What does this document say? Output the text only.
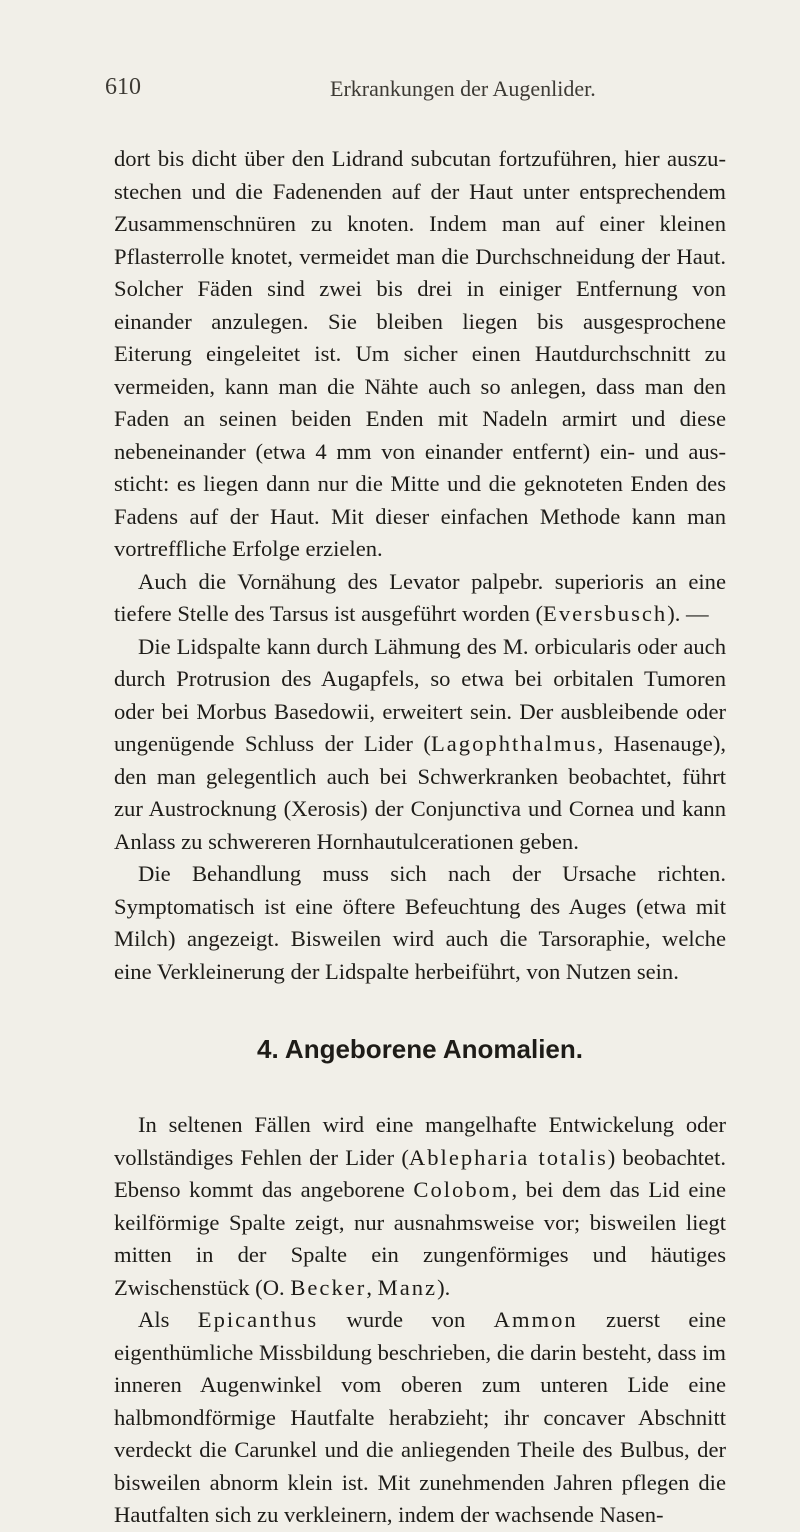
610	Erkrankungen der Augenlider.

dort bis dicht über den Lidrand subcutan fortzuführen, hier auszustechen und die Fadenenden auf der Haut unter entsprechendem Zusammenschnüren zu knoten. Indem man auf einer kleinen Pflasterrolle knotet, vermeidet man die Durchschneidung der Haut. Solcher Fäden sind zwei bis drei in einiger Entfernung von einander anzulegen. Sie bleiben liegen bis ausgesprochene Eiterung eingeleitet ist. Um sicher einen Hautdurchschnitt zu vermeiden, kann man die Nähte auch so anlegen, dass man den Faden an seinen beiden Enden mit Nadeln armirt und diese nebeneinander (etwa 4 mm von einander entfernt) ein- und aussticht: es liegen dann nur die Mitte und die geknoteten Enden des Fadens auf der Haut. Mit dieser einfachen Methode kann man vortreffliche Erfolge erzielen.

Auch die Vornähung des Levator palpebr. superioris an eine tiefere Stelle des Tarsus ist ausgeführt worden (Eversbusch). —

Die Lidspalte kann durch Lähmung des M. orbicularis oder auch durch Protrusion des Augapfels, so etwa bei orbitalen Tumoren oder bei Morbus Basedowii, erweitert sein. Der ausbleibende oder ungenügende Schluss der Lider (Lagophthalmus, Hasenauge), den man gelegentlich auch bei Schwerkranken beobachtet, führt zur Austrocknung (Xerosis) der Conjunctiva und Cornea und kann Anlass zu schwereren Hornhautulcerationen geben.

Die Behandlung muss sich nach der Ursache richten. Symptomatisch ist eine öftere Befeuchtung des Auges (etwa mit Milch) angezeigt. Bisweilen wird auch die Tarsoraphie, welche eine Verkleinerung der Lidspalte herbeiführt, von Nutzen sein.

4. Angeborene Anomalien.

In seltenen Fällen wird eine mangelhafte Entwickelung oder vollständiges Fehlen der Lider (Ablepharia totalis) beobachtet. Ebenso kommt das angeborene Colobom, bei dem das Lid eine keilförmige Spalte zeigt, nur ausnahmsweise vor; bisweilen liegt mitten in der Spalte ein zungenförmiges und häutiges Zwischenstück (O. Becker, Manz).

Als Epicanthus wurde von Ammon zuerst eine eigenthümliche Missbildung beschrieben, die darin besteht, dass im inneren Augenwinkel vom oberen zum unteren Lide eine halbmondförmige Hautfalte herabzieht; ihr concaver Abschnitt verdeckt die Carunkel und die anliegenden Theile des Bulbus, der bisweilen abnorm klein ist. Mit zunehmenden Jahren pflegen die Hautfalten sich zu verkleinern, indem der wachsende Nasen-
